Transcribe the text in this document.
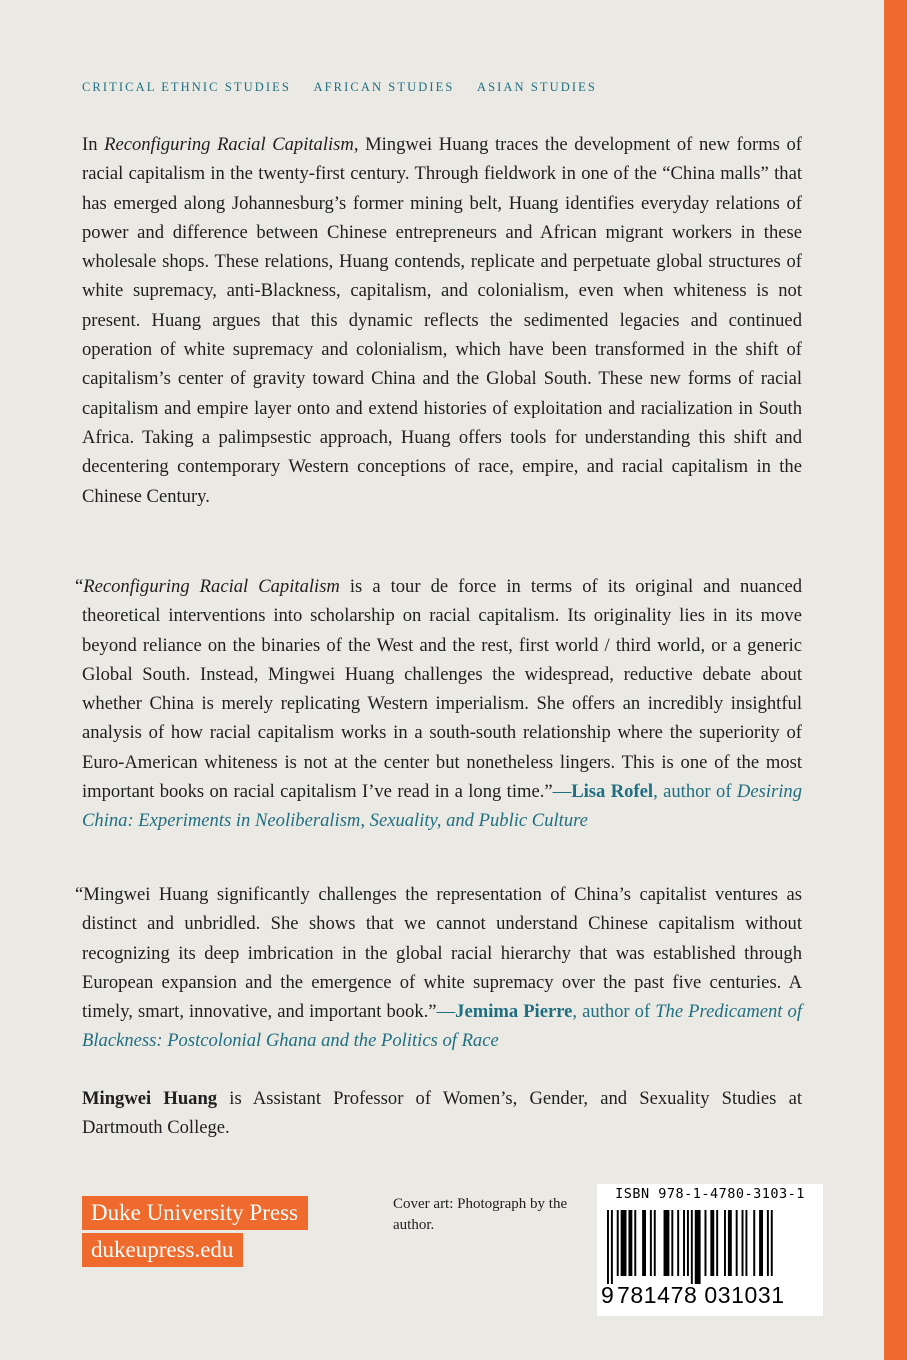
CRITICAL ETHNIC STUDIES AFRICAN STUDIES ASIAN STUDIES

In Reconfiguring Racial Capitalism, Mingwei Huang traces the development of new forms of racial capitalism in the twenty-first century. Through fieldwork in one of the “China malls” that has emerged along Johannesburg’s former mining belt, Huang identifies everyday relations of power and difference between Chinese entrepreneurs and African migrant workers in these wholesale shops. These relations, Huang contends, replicate and perpetuate global structures of white supremacy, anti-Blackness, capitalism, and colonialism, even when whiteness is not present. Huang argues that this dynamic reflects the sedimented legacies and continued operation of white supremacy and colonialism, which have been transformed in the shift of capitalism’s center of gravity toward China and the Global South. These new forms of racial capitalism and empire layer onto and extend histories of exploitation and racialization in South Africa. Taking a palimpsestic approach, Huang offers tools for understanding this shift and decentering contemporary Western conceptions of race, empire, and racial capitalism in the Chinese Century.

“Reconfiguring Racial Capitalism is a tour de force in terms of its original and nuanced theoretical interventions into scholarship on racial capitalism. Its originality lies in its move beyond reliance on the binaries of the West and the rest, first world / third world, or a generic Global South. Instead, Mingwei Huang challenges the widespread, reductive debate about whether China is merely replicating Western imperialism. She offers an incredibly insightful analysis of how racial capitalism works in a south-south relationship where the superiority of Euro-American whiteness is not at the center but nonetheless lingers. This is one of the most important books on racial capitalism I’ve read in a long time.”—Lisa Rofel, author of Desiring China: Experiments in Neoliberalism, Sexuality, and Public Culture

“Mingwei Huang significantly challenges the representation of China’s capitalist ventures as distinct and unbridled. She shows that we cannot understand Chinese capitalism without recognizing its deep imbrication in the global racial hierarchy that was established through European expansion and the emergence of white supremacy over the past five centuries. A timely, smart, innovative, and important book.”—Jemima Pierre, author of The Predicament of Blackness: Postcolonial Ghana and the Politics of Race

Mingwei Huang is Assistant Professor of Women’s, Gender, and Sexuality Studies at Dartmouth College.

Duke University Press
dukeupress.edu
Cover art: Photograph by the author.
ISBN 978-1-4780-3103-1
9 781478 031031
